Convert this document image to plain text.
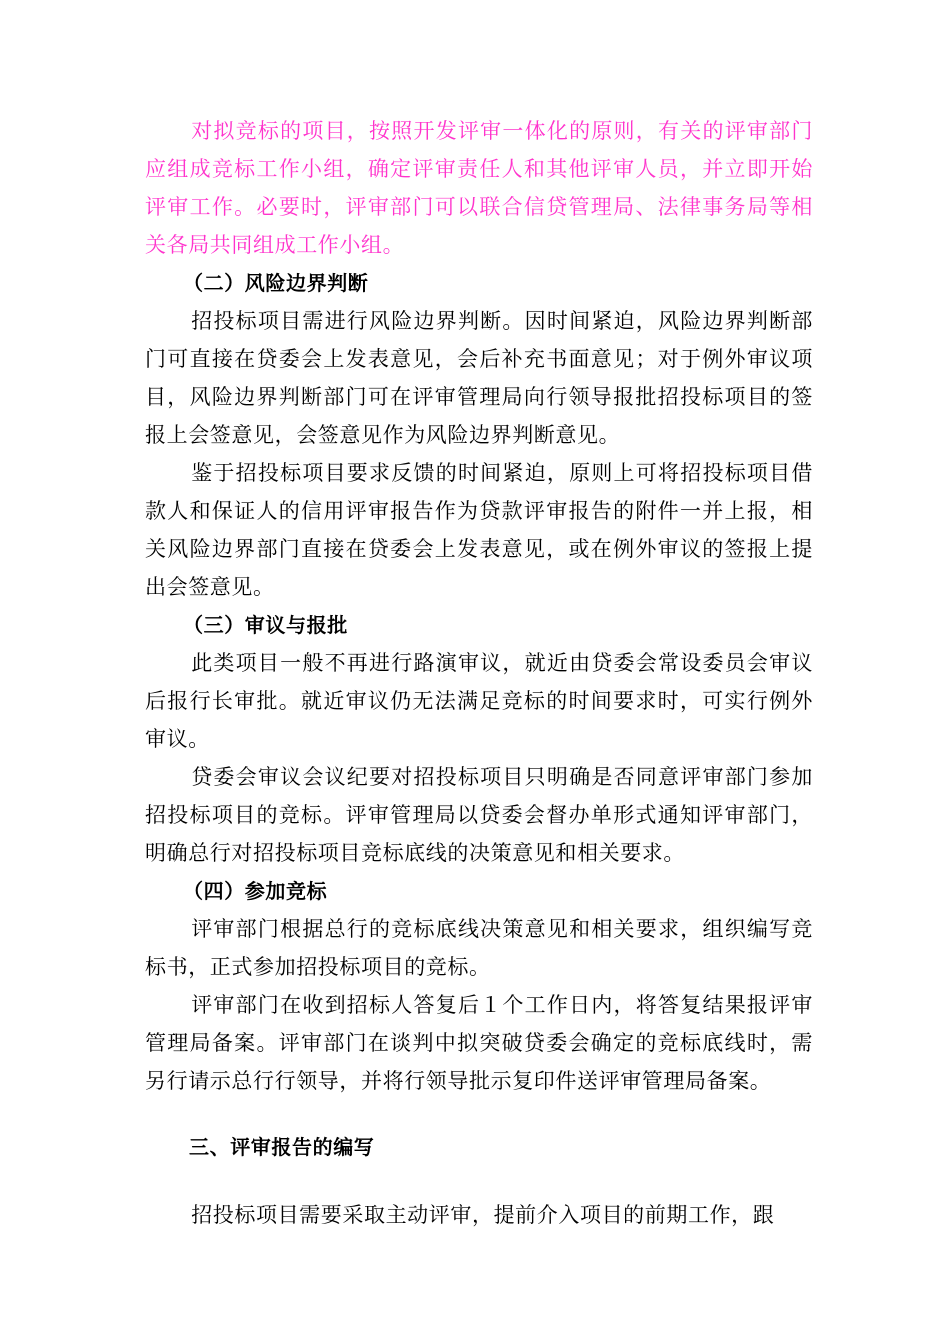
对拟竞标的项目，按照开发评审一体化的原则，有关的评审部门应组成竞标工作小组，确定评审责任人和其他评审人员，并立即开始评审工作。必要时，评审部门可以联合信贷管理局、法律事务局等相关各局共同组成工作小组。

（二）风险边界判断

招投标项目需进行风险边界判断。因时间紧迫，风险边界判断部门可直接在贷委会上发表意见，会后补充书面意见；对于例外审议项目，风险边界判断部门可在评审管理局向行领导报批招投标项目的签报上会签意见，会签意见作为风险边界判断意见。

鉴于招投标项目要求反馈的时间紧迫，原则上可将招投标项目借款人和保证人的信用评审报告作为贷款评审报告的附件一并上报，相关风险边界部门直接在贷委会上发表意见，或在例外审议的签报上提出会签意见。

（三）审议与报批

此类项目一般不再进行路演审议，就近由贷委会常设委员会审议后报行长审批。就近审议仍无法满足竞标的时间要求时，可实行例外审议。

贷委会审议会议纪要对招投标项目只明确是否同意评审部门参加招投标项目的竞标。评审管理局以贷委会督办单形式通知评审部门，明确总行对招投标项目竞标底线的决策意见和相关要求。

（四）参加竞标

评审部门根据总行的竞标底线决策意见和相关要求，组织编写竞标书，正式参加招投标项目的竞标。

评审部门在收到招标人答复后１个工作日内，将答复结果报评审管理局备案。评审部门在谈判中拟突破贷委会确定的竞标底线时，需另行请示总行行领导，并将行领导批示复印件送评审管理局备案。

三、评审报告的编写

招投标项目需要采取主动评审，提前介入项目的前期工作，跟
